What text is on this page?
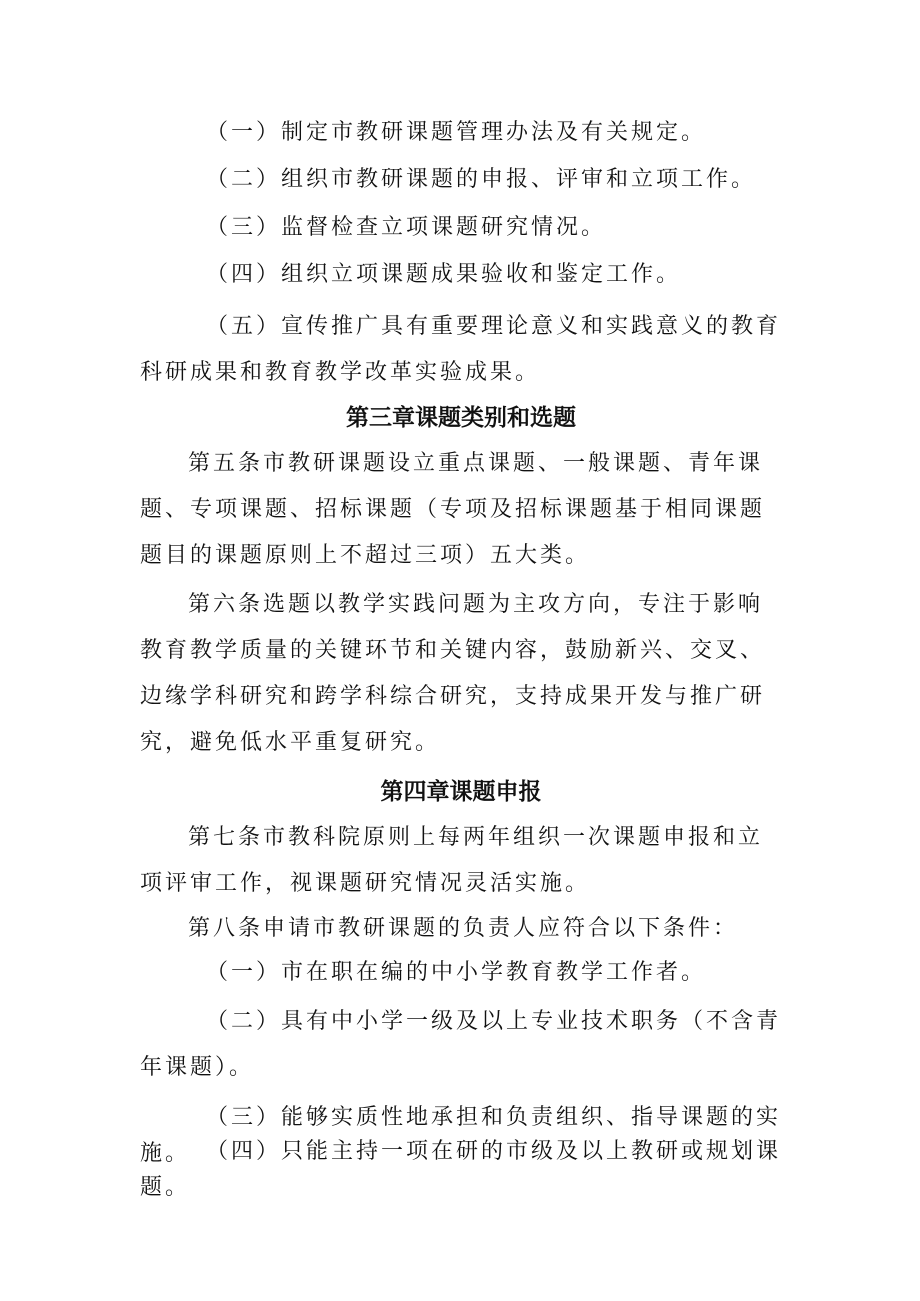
（一）制定市教研课题管理办法及有关规定。

（二）组织市教研课题的申报、评审和立项工作。

（三）监督检查立项课题研究情况。

（四）组织立项课题成果验收和鉴定工作。

（五）宣传推广具有重要理论意义和实践意义的教育科研成果和教育教学改革实验成果。

第三章课题类别和选题

第五条市教研课题设立重点课题、一般课题、青年课题、专项课题、招标课题（专项及招标课题基于相同课题题目的课题原则上不超过三项）五大类。

第六条选题以教学实践问题为主攻方向，专注于影响教育教学质量的关键环节和关键内容，鼓励新兴、交叉、边缘学科研究和跨学科综合研究，支持成果开发与推广研究，避免低水平重复研究。

第四章课题申报

第七条市教科院原则上每两年组织一次课题申报和立项评审工作，视课题研究情况灵活实施。

第八条申请市教研课题的负责人应符合以下条件：

（一）市在职在编的中小学教育教学工作者。

（二）具有中小学一级及以上专业技术职务（不含青年课题）。

（三）能够实质性地承担和负责组织、指导课题的实施。 （四）只能主持一项在研的市级及以上教研或规划课题。
